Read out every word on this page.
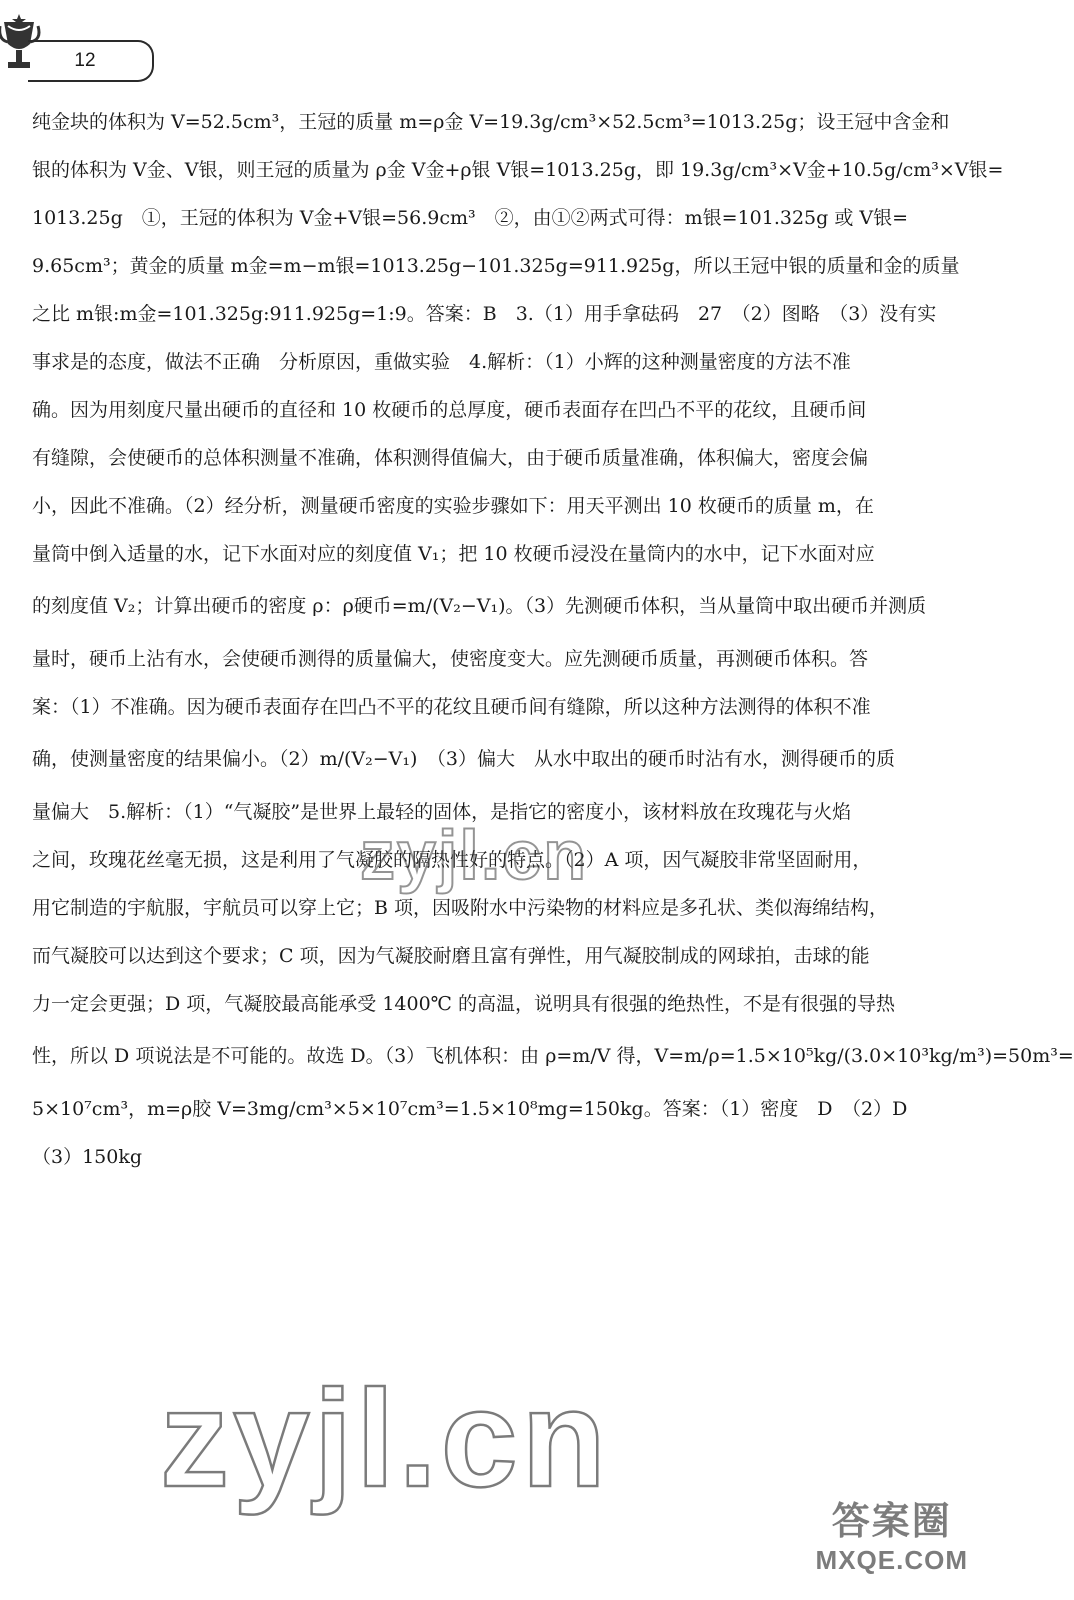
12
纯金块的体积为 V=52.5cm³，王冠的质量 m=ρ金 V=19.3g/cm³×52.5cm³=1013.25g；设王冠中含金和
银的体积为 V金、V银，则王冠的质量为 ρ金 V金+ρ银 V银=1013.25g，即 19.3g/cm³×V金+10.5g/cm³×V银=
1013.25g　①，王冠的体积为 V金+V银=56.9cm³　②，由①②两式可得：m银=101.325g 或 V银=
9.65cm³；黄金的质量 m金=m−m银=1013.25g−101.325g=911.925g，所以王冠中银的质量和金的质量
之比 m银:m金=101.325g:911.925g=1:9。答案：B　3.（1）用手拿砝码　27　（2）图略　（3）没有实
事求是的态度，做法不正确　分析原因，重做实验　4.解析：（1）小辉的这种测量密度的方法不准
确。因为用刻度尺量出硬币的直径和 10 枚硬币的总厚度，硬币表面存在凹凸不平的花纹，且硬币间
有缝隙，会使硬币的总体积测量不准确，体积测得值偏大，由于硬币质量准确，体积偏大，密度会偏
小，因此不准确。（2）经分析，测量硬币密度的实验步骤如下：用天平测出 10 枚硬币的质量 m，在
量筒中倒入适量的水，记下水面对应的刻度值 V₁；把 10 枚硬币浸没在量筒内的水中，记下水面对应
的刻度值 V₂；计算出硬币的密度 ρ：ρ硬币=m/(V₂−V₁)。（3）先测硬币体积，当从量筒中取出硬币并测质
量时，硬币上沾有水，会使硬币测得的质量偏大，使密度变大。应先测硬币质量，再测硬币体积。答
案：（1）不准确。因为硬币表面存在凹凸不平的花纹且硬币间有缝隙，所以这种方法测得的体积不准
确，使测量密度的结果偏小。（2）m/(V₂−V₁)　（3）偏大　从水中取出的硬币时沾有水，测得硬币的质
量偏大　5.解析：（1）“气凝胶”是世界上最轻的固体，是指它的密度小，该材料放在玫瑰花与火焰
之间，玫瑰花丝毫无损，这是利用了气凝胶的隔热性好的特点。（2）A 项，因气凝胶非常坚固耐用，
用它制造的宇航服，宇航员可以穿上它；B 项，因吸附水中污染物的材料应是多孔状、类似海绵结构，
而气凝胶可以达到这个要求；C 项，因为气凝胶耐磨且富有弹性，用气凝胶制成的网球拍，击球的能
力一定会更强；D 项，气凝胶最高能承受 1400℃ 的高温，说明具有很强的绝热性，不是有很强的导热
性，所以 D 项说法是不可能的。故选 D。（3）飞机体积：由 ρ=m/V 得，V=m/ρ=1.5×10⁵kg/(3.0×10³kg/m³)=50m³=
5×10⁷cm³，m=ρ胶 V=3mg/cm³×5×10⁷cm³=1.5×10⁸mg=150kg。答案：（1）密度　D　（2）D
（3）150kg
zyjl.cn
zyjl.cn
答案圈
MXQE.COM
